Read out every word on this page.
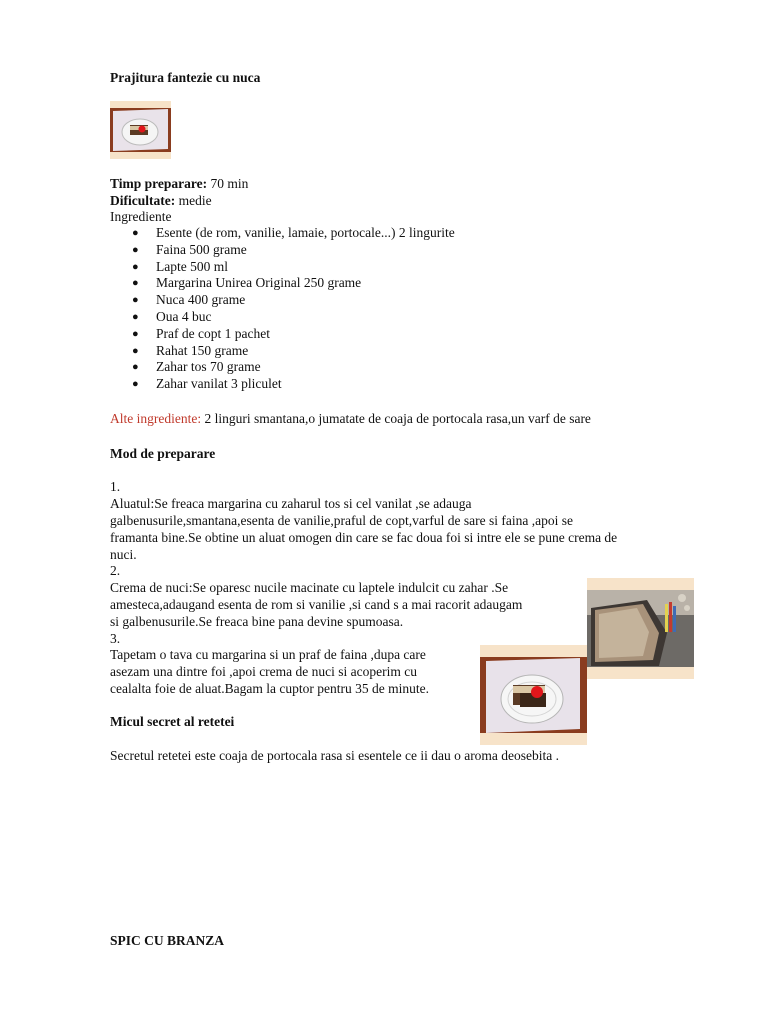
Prajitura fantezie cu nuca
Timp preparare: 70 min
Dificultate: medie
Ingrediente
● Esente (de rom, vanilie, lamaie, portocale...) 2 lingurite
● Faina 500 grame
● Lapte 500 ml
● Margarina Unirea Original 250 grame
● Nuca 400 grame
● Oua 4 buc
● Praf de copt 1 pachet
● Rahat 150 grame
● Zahar tos 70 grame
● Zahar vanilat 3 pliculet
Alte ingrediente: 2 linguri smantana,o jumatate de coaja de portocala rasa,un varf de sare
Mod de preparare
1.
Aluatul:Se freaca margarina cu zaharul tos si cel vanilat ,se adauga
galbenusurile,smantana,esenta de vanilie,praful de copt,varful de sare si faina ,apoi se
framanta bine.Se obtine un aluat omogen din care se fac doua foi si intre ele se pune crema de
nuci.
2.
Crema de nuci:Se oparesc nucile macinate cu laptele indulcit cu zahar .Se
amesteca,adaugand esenta de rom si vanilie ,si cand s a mai racorit adaugam
si galbenusurile.Se freaca bine pana devine spumoasa.
3.
Tapetam o tava cu margarina si un praf de faina ,dupa care
asezam una dintre foi ,apoi crema de nuci si acoperim cu
cealalta foie de aluat.Bagam la cuptor pentru 35 de minute.
Micul secret al retetei
Secretul retetei este coaja de portocala rasa si esentele ce ii dau o aroma deosebita .
SPIC CU BRANZA
